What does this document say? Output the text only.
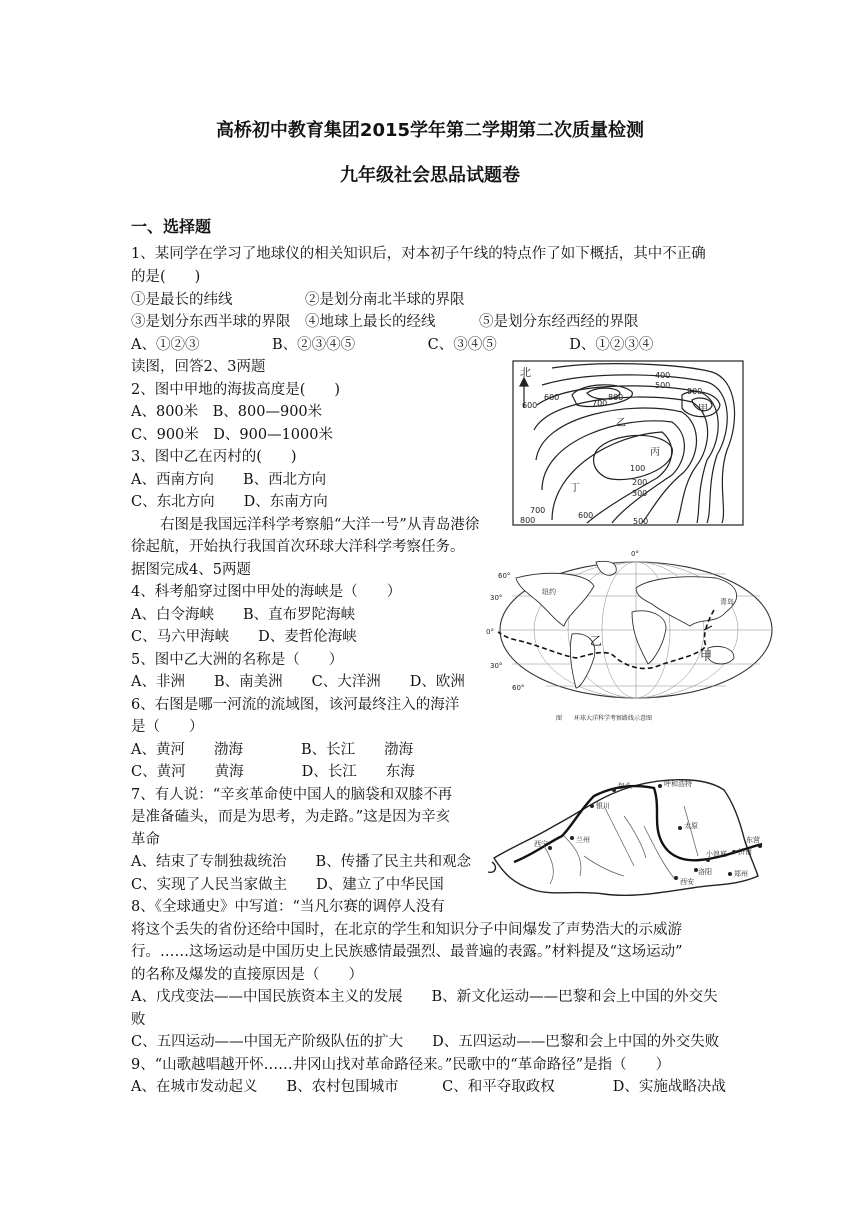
高桥初中教育集团2015学年第二学期第二次质量检测
九年级社会思品试题卷
一、选择题
1、某同学在学习了地球仪的相关知识后，对本初子午线的特点作了如下概括，其中不正确
的是(　　)
①是最长的纬线　　　　　②是划分南北半球的界限
③是划分东西半球的界限　④地球上最长的经线　　　⑤是划分东经西经的界限
A、①②③　　　　　B、②③④⑤　　　　　C、③④⑤　　　　　D、①②③④
读图，回答2、3两题
2、图中甲地的海拔高度是(　　)
A、800米　B、800—900米
C、900米　D、900—1000米
3、图中乙在丙村的(　　)
A、西南方向　　B、西北方向
C、东北方向　　D、东南方向
　　右图是我国远洋科学考察船“大洋一号”从青岛港徐
徐起航，开始执行我国首次环球大洋科学考察任务。
据图完成4、5两题
4、科考船穿过图中甲处的海峡是（　　）
A、白令海峡　　B、直布罗陀海峡
C、马六甲海峡　　D、麦哲伦海峡
5、图中乙大洲的名称是（　　）
A、非洲　　B、南美洲　　C、大洋洲　　D、欧洲
6、右图是哪一河流的流域图，该河最终注入的海洋
是（　　）
A、黄河　　渤海　　　　B、长江　　渤海
C、黄河　　黄海　　　　D、长江　　东海
7、有人说：“辛亥革命使中国人的脑袋和双膝不再
是准备磕头，而是为思考，为走路。”这是因为辛亥
革命
A、结束了专制独裁统治　　B、传播了民主共和观念
C、实现了人民当家做主　　D、建立了中华民国
8、《全球通史》中写道：“当凡尔赛的调停人没有
将这个丢失的省份还给中国时，在北京的学生和知识分子中间爆发了声势浩大的示威游
行。……这场运动是中国历史上民族感情最强烈、最普遍的表露。”材料提及“这场运动”
的名称及爆发的直接原因是（　　）
A、戊戌变法——中国民族资本主义的发展　　B、新文化运动——巴黎和会上中国的外交失
败
C、五四运动——中国无产阶级队伍的扩大　　D、五四运动——巴黎和会上中国的外交失败
9、“山歌越唱越开怀……井冈山找对革命路径来。”民歌中的“革命路径”是指（　　）
A、在城市发动起义　　B、农村包围城市　　　C、和平夺取政权　　　　D、实施战略决战
北	400
500
600
700
800
900
100
200
300
500
600
700
800
600
甲
乙
丙
丁
0°
60°
30°
0°
30°
60°
纽约
青岛
乙
甲
图　　环球大洋科学考察路线示意图
包头
银川
呼和浩特
兰州
西宁
太原
小浪底 济南
郑州
西安
洛阳
东营
